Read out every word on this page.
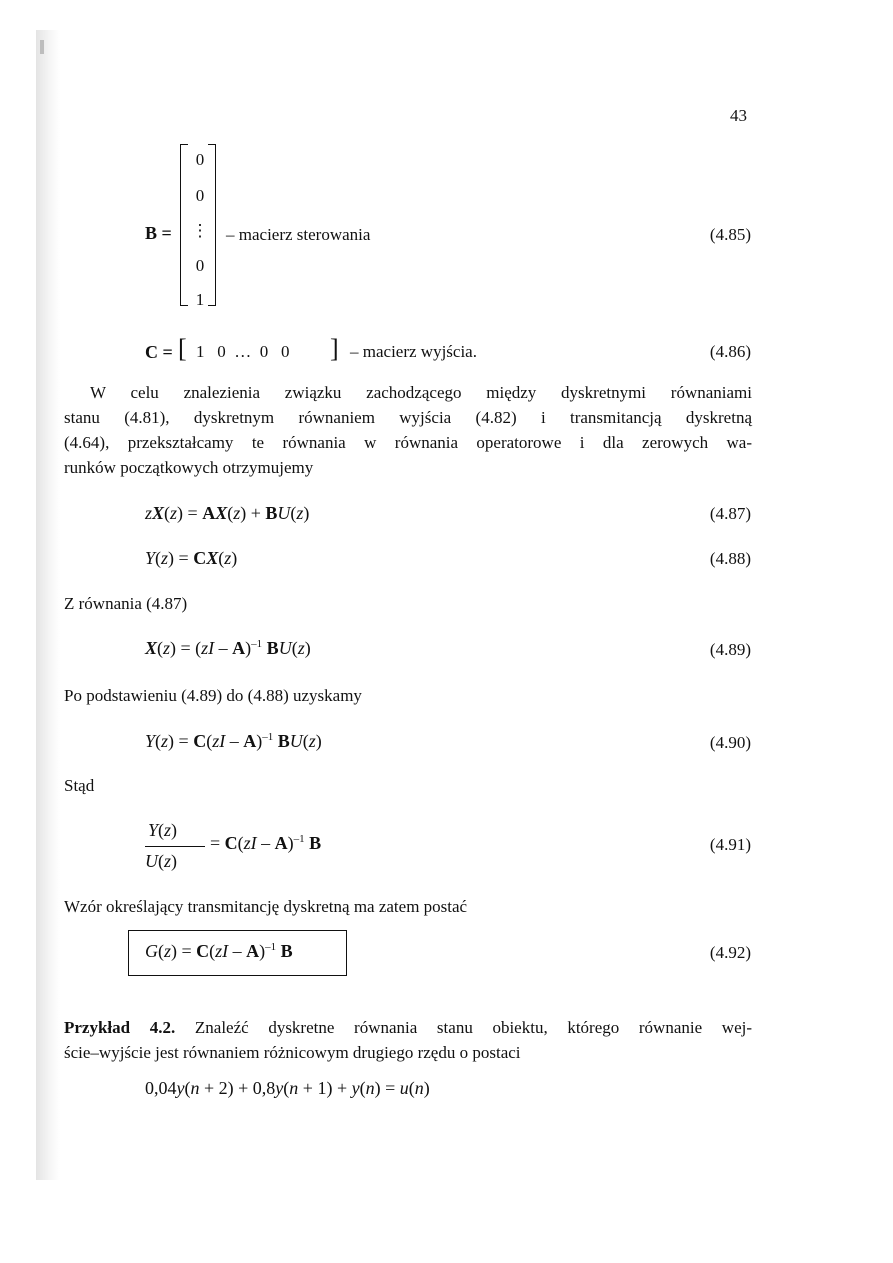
43
B =
0
0
⋮
0
1
– macierz sterowania	(4.85)
C = [ 1   0  …  0   0 ] – macierz wyjścia.	(4.86)
W celu znalezienia związku zachodzącego między dyskretnymi równaniami
stanu (4.81), dyskretnym równaniem wyjścia (4.82) i transmitancją dyskretną
(4.64), przekształcamy te równania w równania operatorowe i dla zerowych wa-
runków początkowych otrzymujemy
zX(z) = AX(z) + BU(z)	(4.87)
Y(z) = CX(z)	(4.88)
Z równania (4.87)
X(z) = (zI – A)$^{-1}$ BU(z)	(4.89)
Po podstawieniu (4.89) do (4.88) uzyskamy
Y(z) = C(zI – A)$^{-1}$ BU(z)	(4.90)
Stąd
Y(z)
U(z)
= C(zI – A)$^{-1}$ B	(4.91)
Wzór określający transmitancję dyskretną ma zatem postać
G(z) = C(zI – A)$^{-1}$ B	(4.92)
Przykład 4.2. Znaleźć dyskretne równania stanu obiektu, którego równanie wej-
ście–wyjście jest równaniem różnicowym drugiego rzędu o postaci
0,04y(n + 2) + 0,8y(n + 1) + y(n) = u(n)
